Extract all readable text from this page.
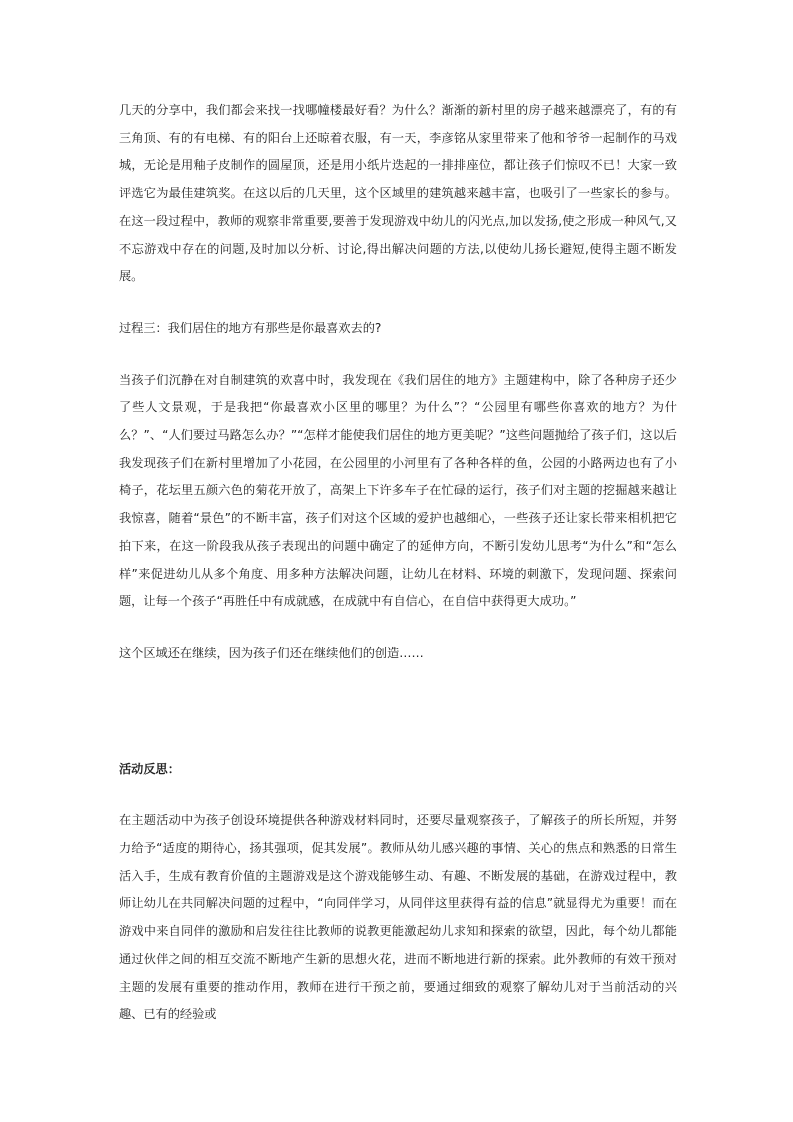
几天的分享中，我们都会来找一找哪幢楼最好看？为什么？渐渐的新村里的房子越来越漂亮了，有的有三角顶、有的有电梯、有的阳台上还晾着衣服，有一天，李彦铭从家里带来了他和爷爷一起制作的马戏城，无论是用釉子皮制作的圆屋顶，还是用小纸片迭起的一排排座位，都让孩子们惊叹不已！大家一致评选它为最佳建筑奖。在这以后的几天里，这个区域里的建筑越来越丰富，也吸引了一些家长的参与。在这一段过程中，教师的观察非常重要,要善于发现游戏中幼儿的闪光点,加以发扬,使之形成一种风气,又不忘游戏中存在的问题,及时加以分析、讨论,得出解决问题的方法,以使幼儿扬长避短,使得主题不断发展。

过程三：我们居住的地方有那些是你最喜欢去的?

当孩子们沉静在对自制建筑的欢喜中时，我发现在《我们居住的地方》主题建构中，除了各种房子还少了些人文景观，于是我把“你最喜欢小区里的哪里？为什么”？“公园里有哪些你喜欢的地方？为什么？”、“人们要过马路怎么办？”“怎样才能使我们居住的地方更美呢？”这些问题抛给了孩子们，这以后我发现孩子们在新村里增加了小花园，在公园里的小河里有了各种各样的鱼，公园的小路两边也有了小椅子，花坛里五颜六色的菊花开放了，高架上下许多车子在忙碌的运行，孩子们对主题的挖掘越来越让我惊喜，随着“景色”的不断丰富，孩子们对这个区域的爱护也越细心，一些孩子还让家长带来相机把它拍下来，在这一阶段我从孩子表现出的问题中确定了的延伸方向，不断引发幼儿思考“为什么”和“怎么样”来促进幼儿从多个角度、用多种方法解决问题，让幼儿在材料、环境的刺激下，发现问题、探索问题，让每一个孩子“再胜任中有成就感，在成就中有自信心，在自信中获得更大成功。”

这个区域还在继续，因为孩子们还在继续他们的创造……

活动反思：

在主题活动中为孩子创设环境提供各种游戏材料同时，还要尽量观察孩子，了解孩子的所长所短，并努力给予“适度的期待心，扬其强项，促其发展”。教师从幼儿感兴趣的事情、关心的焦点和熟悉的日常生活入手，生成有教育价值的主题游戏是这个游戏能够生动、有趣、不断发展的基础，在游戏过程中，教师让幼儿在共同解决问题的过程中，“向同伴学习，从同伴这里获得有益的信息”就显得尤为重要！而在游戏中来自同伴的激励和启发往往比教师的说教更能激起幼儿求知和探索的欲望，因此，每个幼儿都能通过伙伴之间的相互交流不断地产生新的思想火花，进而不断地进行新的探索。此外教师的有效干预对主题的发展有重要的推动作用，教师在进行干预之前，要通过细致的观察了解幼儿对于当前活动的兴趣、已有的经验或
